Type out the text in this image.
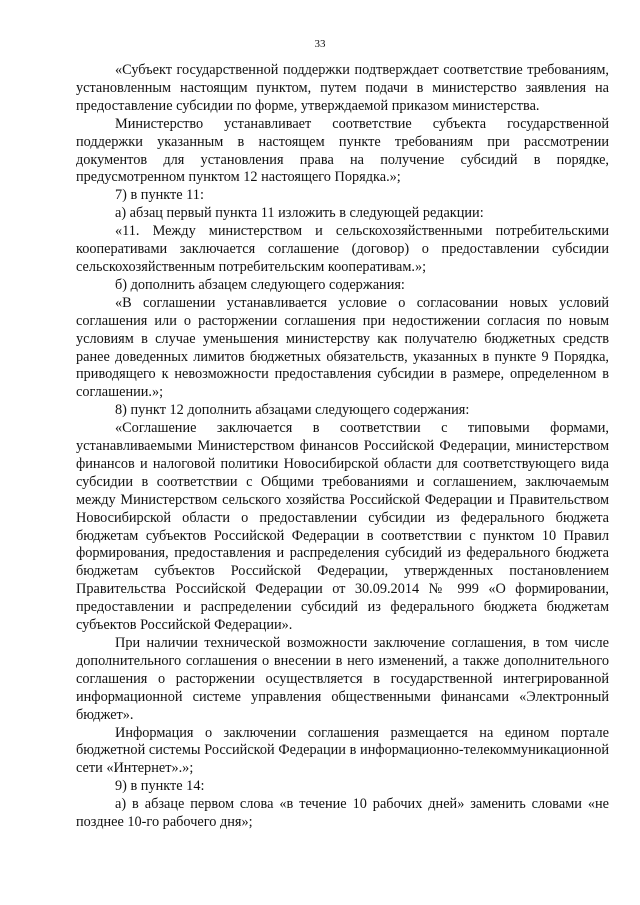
33

«Субъект государственной поддержки подтверждает соответствие требованиям, установленным настоящим пунктом, путем подачи в министерство заявления на предоставление субсидии по форме, утверждаемой приказом министерства.

Министерство устанавливает соответствие субъекта государственной поддержки указанным в настоящем пункте требованиям при рассмотрении документов для установления права на получение субсидий в порядке, предусмотренном пунктом 12 настоящего Порядка.»;

7) в пункте 11:

а) абзац первый пункта 11 изложить в следующей редакции:

«11. Между министерством и сельскохозяйственными потребительскими кооперативами заключается соглашение (договор) о предоставлении субсидии сельскохозяйственным потребительским кооперативам.»;

б) дополнить абзацем следующего содержания:

«В соглашении устанавливается условие о согласовании новых условий соглашения или о расторжении соглашения при недостижении согласия по новым условиям в случае уменьшения министерству как получателю бюджетных средств ранее доведенных лимитов бюджетных обязательств, указанных в пункте 9 Порядка, приводящего к невозможности предоставления субсидии в размере, определенном в соглашении.»;

8) пункт 12 дополнить абзацами следующего содержания:

«Соглашение заключается в соответствии с типовыми формами, устанавливаемыми Министерством финансов Российской Федерации, министерством финансов и налоговой политики Новосибирской области для соответствующего вида субсидии в соответствии с Общими требованиями и соглашением, заключаемым между Министерством сельского хозяйства Российской Федерации и Правительством Новосибирской области о предоставлении субсидии из федерального бюджета бюджетам субъектов Российской Федерации в соответствии с пунктом 10 Правил формирования, предоставления и распределения субсидий из федерального бюджета бюджетам субъектов Российской Федерации, утвержденных постановлением Правительства Российской Федерации от 30.09.2014 № 999 «О формировании, предоставлении и распределении субсидий из федерального бюджета бюджетам субъектов Российской Федерации».

При наличии технической возможности заключение соглашения, в том числе дополнительного соглашения о внесении в него изменений, а также дополнительного соглашения о расторжении осуществляется в государственной интегрированной информационной системе управления общественными финансами «Электронный бюджет».

Информация о заключении соглашения размещается на едином портале бюджетной системы Российской Федерации в информационно-телекоммуникационной сети «Интернет».»;

9) в пункте 14:

а) в абзаце первом слова «в течение 10 рабочих дней» заменить словами «не позднее 10-го рабочего дня»;
